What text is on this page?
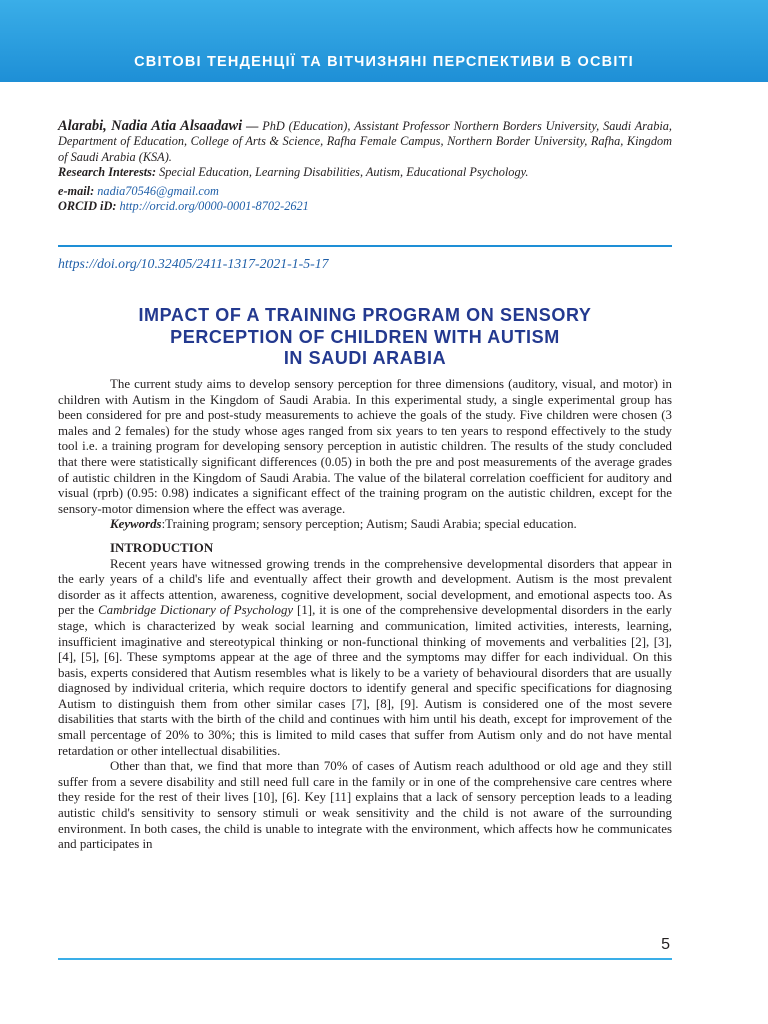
СВІТОВІ ТЕНДЕНЦІЇ ТА ВІТЧИЗНЯНІ ПЕРСПЕКТИВИ В ОСВІТІ
Alarabi, Nadia Atia Alsaadawi — PhD (Education), Assistant Professor Northern Borders University, Saudi Arabia, Department of Education, College of Arts & Science, Rafha Female Campus, Northern Border University, Rafha, Kingdom of Saudi Arabia (KSA).
Research Interests: Special Education, Learning Disabilities, Autism, Educational Psychology.
e-mail: nadia70546@gmail.com
ORCID iD: http://orcid.org/0000-0001-8702-2621
https://doi.org/10.32405/2411-1317-2021-1-5-17
IMPACT OF A TRAINING PROGRAM ON SENSORY
PERCEPTION OF CHILDREN WITH AUTISM
IN SAUDI ARABIA

The current study aims to develop sensory perception for three dimensions (auditory, visual, and motor) in children with Autism in the Kingdom of Saudi Arabia. In this experimental study, a single experimental group has been considered for pre and post-study measurements to achieve the goals of the study. Five children were chosen (3 males and 2 females) for the study whose ages ranged from six years to ten years to respond effectively to the study tool i.e. a training program for developing sensory perception in autistic children. The results of the study concluded that there were statistically significant differences (0.05) in both the pre and post measurements of the average grades of autistic children in the Kingdom of Saudi Arabia. The value of the bilateral correlation coefficient for auditory and visual (rprb) (0.95: 0.98) indicates a significant effect of the training program on the autistic children, except for the sensory-motor dimension where the effect was average.

Keywords:Training program; sensory perception; Autism; Saudi Arabia; special education.

INTRODUCTION

Recent years have witnessed growing trends in the comprehensive developmental disorders that appear in the early years of a child's life and eventually affect their growth and development. Autism is the most prevalent disorder as it affects attention, awareness, cognitive development, social development, and emotional aspects too. As per the Cambridge Dictionary of Psychology [1], it is one of the comprehensive developmental disorders in the early stage, which is characterized by weak social learning and communication, limited activities, interests, learning, insufficient imaginative and stereotypical thinking or non-functional thinking of movements and verbalities [2], [3], [4], [5], [6]. These symptoms appear at the age of three and the symptoms may differ for each individual. On this basis, experts considered that Autism resembles what is likely to be a variety of behavioural disorders that are usually diagnosed by individual criteria, which require doctors to identify general and specific specifications for diagnosing Autism to distinguish them from other similar cases [7], [8], [9]. Autism is considered one of the most severe disabilities that starts with the birth of the child and continues with him until his death, except for improvement of the small percentage of 20% to 30%; this is limited to mild cases that suffer from Autism only and do not have mental retardation or other intellectual disabilities.

Other than that, we find that more than 70% of cases of Autism reach adulthood or old age and they still suffer from a severe disability and still need full care in the family or in one of the comprehensive care centres where they reside for the rest of their lives [10], [6]. Key [11] explains that a lack of sensory perception leads to a leading autistic child's sensitivity to sensory stimuli or weak sensitivity and the child is not aware of the surrounding environment. In both cases, the child is unable to integrate with the environment, which affects how he communicates and participates in

5
